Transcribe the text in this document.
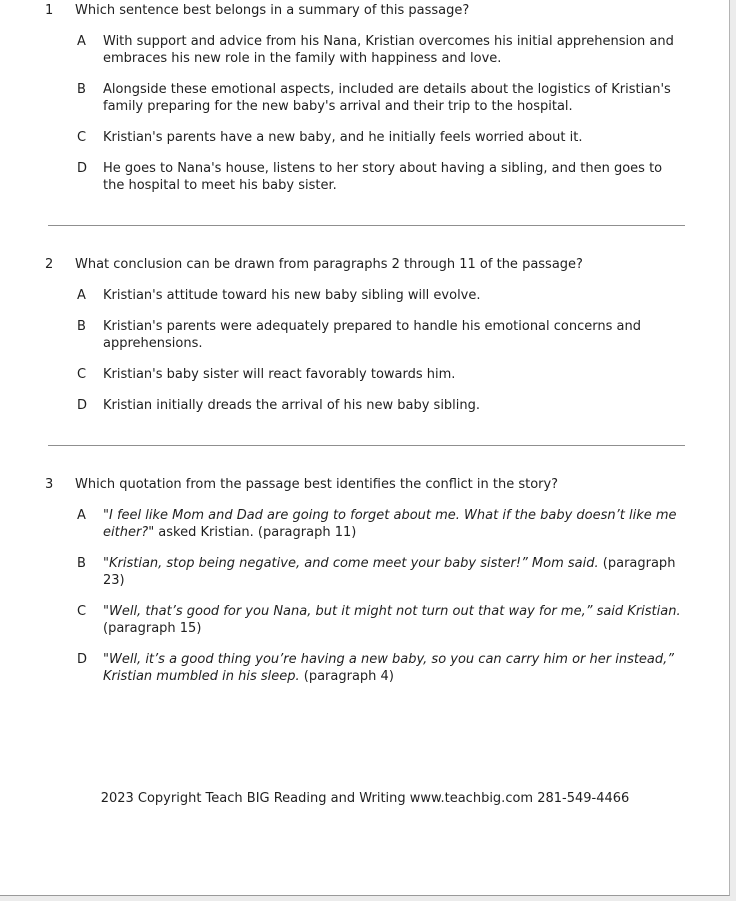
1	Which sentence best belongs in a summary of this passage?

A	With support and advice from his Nana, Kristian overcomes his initial apprehension and embraces his new role in the family with happiness and love.

B	Alongside these emotional aspects, included are details about the logistics of Kristian's family preparing for the new baby's arrival and their trip to the hospital.

C	Kristian's parents have a new baby, and he initially feels worried about it.

D	He goes to Nana's house, listens to her story about having a sibling, and then goes to the hospital to meet his baby sister.

2	What conclusion can be drawn from paragraphs 2 through 11 of the passage?

A	Kristian's attitude toward his new baby sibling will evolve.

B	Kristian's parents were adequately prepared to handle his emotional concerns and apprehensions.

C	Kristian's baby sister will react favorably towards him.

D	Kristian initially dreads the arrival of his new baby sibling.

3	Which quotation from the passage best identifies the conflict in the story?

A	"I feel like Mom and Dad are going to forget about me. What if the baby doesn’t like me either?" asked Kristian. (paragraph 11)

B	"Kristian, stop being negative, and come meet your baby sister!” Mom said. (paragraph 23)

C	"Well, that’s good for you Nana, but it might not turn out that way for me,” said Kristian. (paragraph 15)

D	"Well, it’s a good thing you’re having a new baby, so you can carry him or her instead,” Kristian mumbled in his sleep. (paragraph 4)

2023 Copyright Teach BIG Reading and Writing www.teachbig.com 281-549-4466
